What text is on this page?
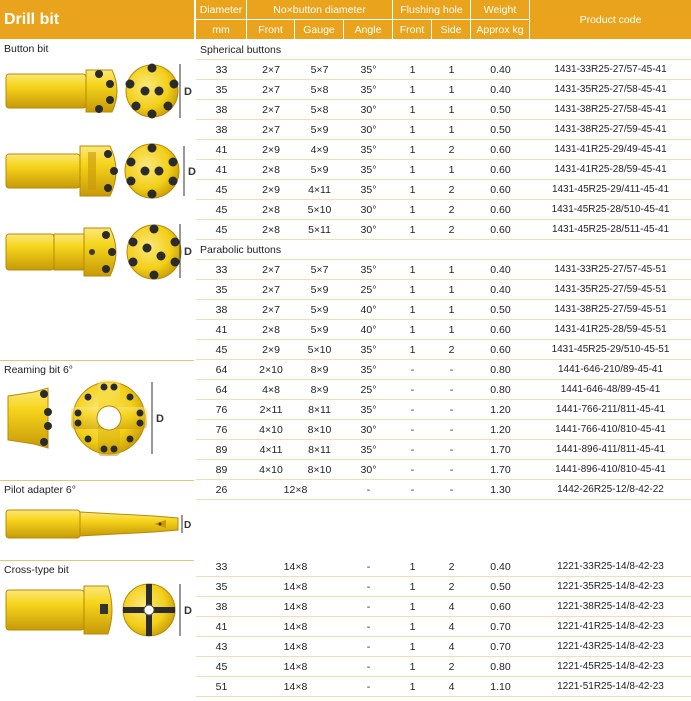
Drill bit
Button bit
Reaming bit 6°
Pilot adapter 6°
Cross-type bit
D
D
D
D
D
D
Diameter
mm
No×button diameter
Front	Gauge	Angle
Flushing hole
Front	Side
Weight
Approx kg
Product code
Spherical buttons							
33	2×7	5×7	35°	1	1	0.40	1431-33R25-27/57-45-41
35	2×7	5×8	35°	1	1	0.40	1431-35R25-27/58-45-41
38	2×7	5×8	30°	1	1	0.50	1431-38R25-27/58-45-41
38	2×7	5×9	30°	1	1	0.50	1431-38R25-27/59-45-41
41	2×9	4×9	35°	1	2	0.60	1431-41R25-29/49-45-41
41	2×8	5×9	35°	1	1	0.60	1431-41R25-28/59-45-41
45	2×9	4×11	35°	1	2	0.60	1431-45R25-29/411-45-41
45	2×8	5×10	30°	1	2	0.60	1431-45R25-28/510-45-41
45	2×8	5×11	30°	1	2	0.60	1431-45R25-28/511-45-41
Parabolic buttons							
33	2×7	5×7	35°	1	1	0.40	1431-33R25-27/57-45-51
35	2×7	5×9	25°	1	1	0.40	1431-35R25-27/59-45-51
38	2×7	5×9	40°	1	1	0.50	1431-38R25-27/59-45-51
41	2×8	5×9	40°	1	1	0.60	1431-41R25-28/59-45-51
45	2×9	5×10	35°	1	2	0.60	1431-45R25-29/510-45-51
64	2×10	8×9	35°	-	-	0.80	1441-646-210/89-45-41
64	4×8	8×9	25°	-	-	0.80	1441-646-48/89-45-41
76	2×11	8×11	35°	-	-	1.20	1441-766-211/811-45-41
76	4×10	8×10	30°	-	-	1.20	1441-766-410/810-45-41
89	4×11	8×11	35°	-	-	1.70	1441-896-411/811-45-41
89	4×10	8×10	30°	-	-	1.70	1441-896-410/810-45-41
26	12×8		-	-	-	1.30	1442-26R25-12/8-42-22

33	14×8		-	1	2	0.40	1221-33R25-14/8-42-23
35	14×8		-	1	2	0.50	1221-35R25-14/8-42-23
38	14×8		-	1	4	0.60	1221-38R25-14/8-42-23
41	14×8		-	1	4	0.70	1221-41R25-14/8-42-23
43	14×8		-	1	4	0.70	1221-43R25-14/8-42-23
45	14×8		-	1	2	0.80	1221-45R25-14/8-42-23
51	14×8		-	1	4	1.10	1221-51R25-14/8-42-23
